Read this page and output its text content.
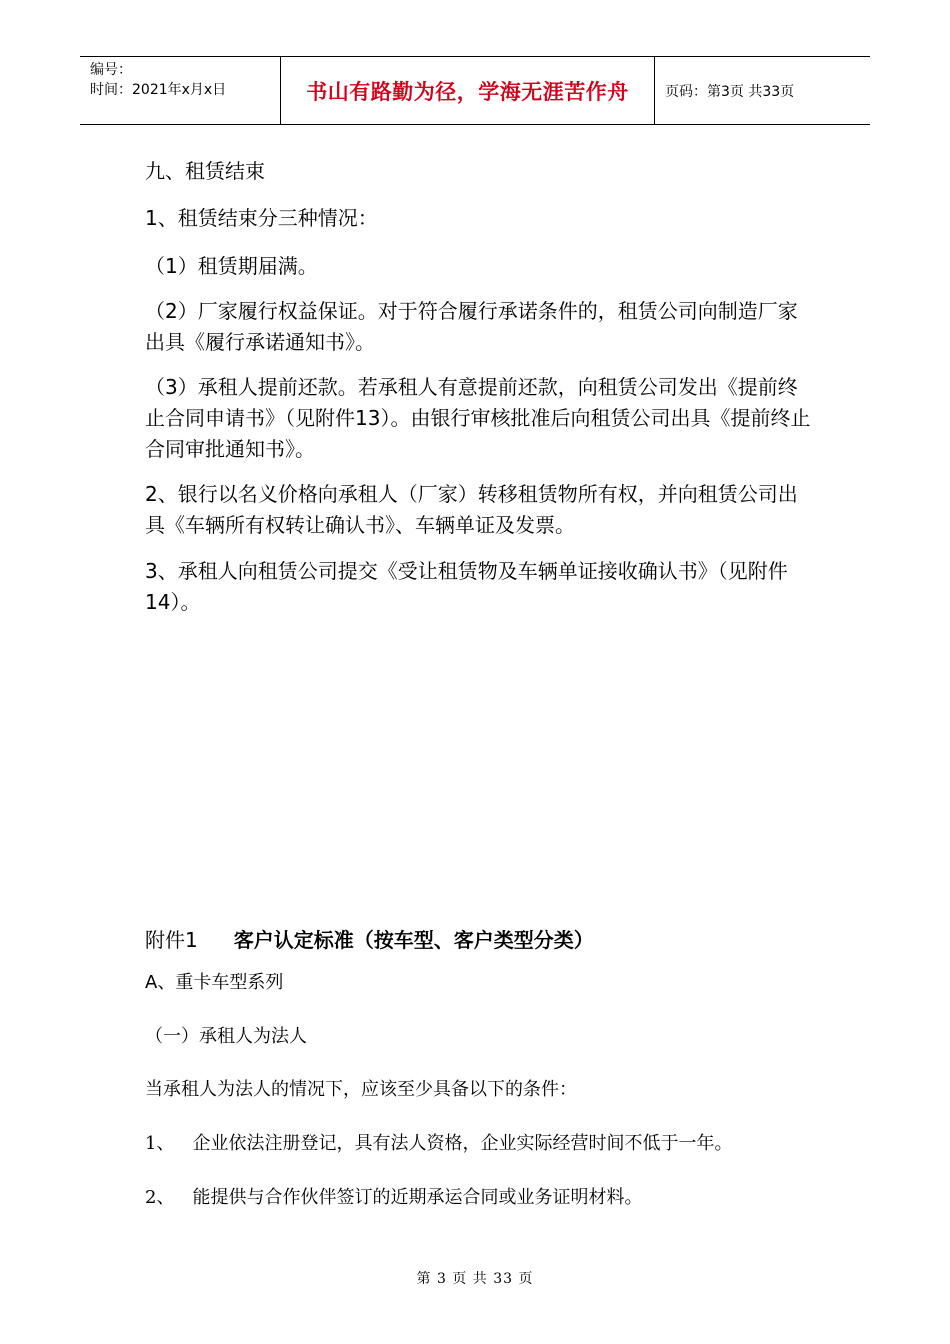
编号：
时间：2021年x月x日	书山有路勤为径，学海无涯苦作舟	页码：第3页 共33页
九、租赁结束
1、租赁结束分三种情况：
（1）租赁期届满。
（2）厂家履行权益保证。对于符合履行承诺条件的，租赁公司向制造厂家出具《履行承诺通知书》。
（3）承租人提前还款。若承租人有意提前还款，向租赁公司发出《提前终止合同申请书》（见附件13）。由银行审核批准后向租赁公司出具《提前终止合同审批通知书》。
2、银行以名义价格向承租人（厂家）转移租赁物所有权，并向租赁公司出具《车辆所有权转让确认书》、车辆单证及发票。
3、承租人向租赁公司提交《受让租赁物及车辆单证接收确认书》（见附件14）。
附件1 客户认定标准（按车型、客户类型分类）
A、重卡车型系列
（一）承租人为法人
当承租人为法人的情况下，应该至少具备以下的条件：
1、 企业依法注册登记，具有法人资格，企业实际经营时间不低于一年。
2、 能提供与合作伙伴签订的近期承运合同或业务证明材料。
第 3 页 共 33 页
